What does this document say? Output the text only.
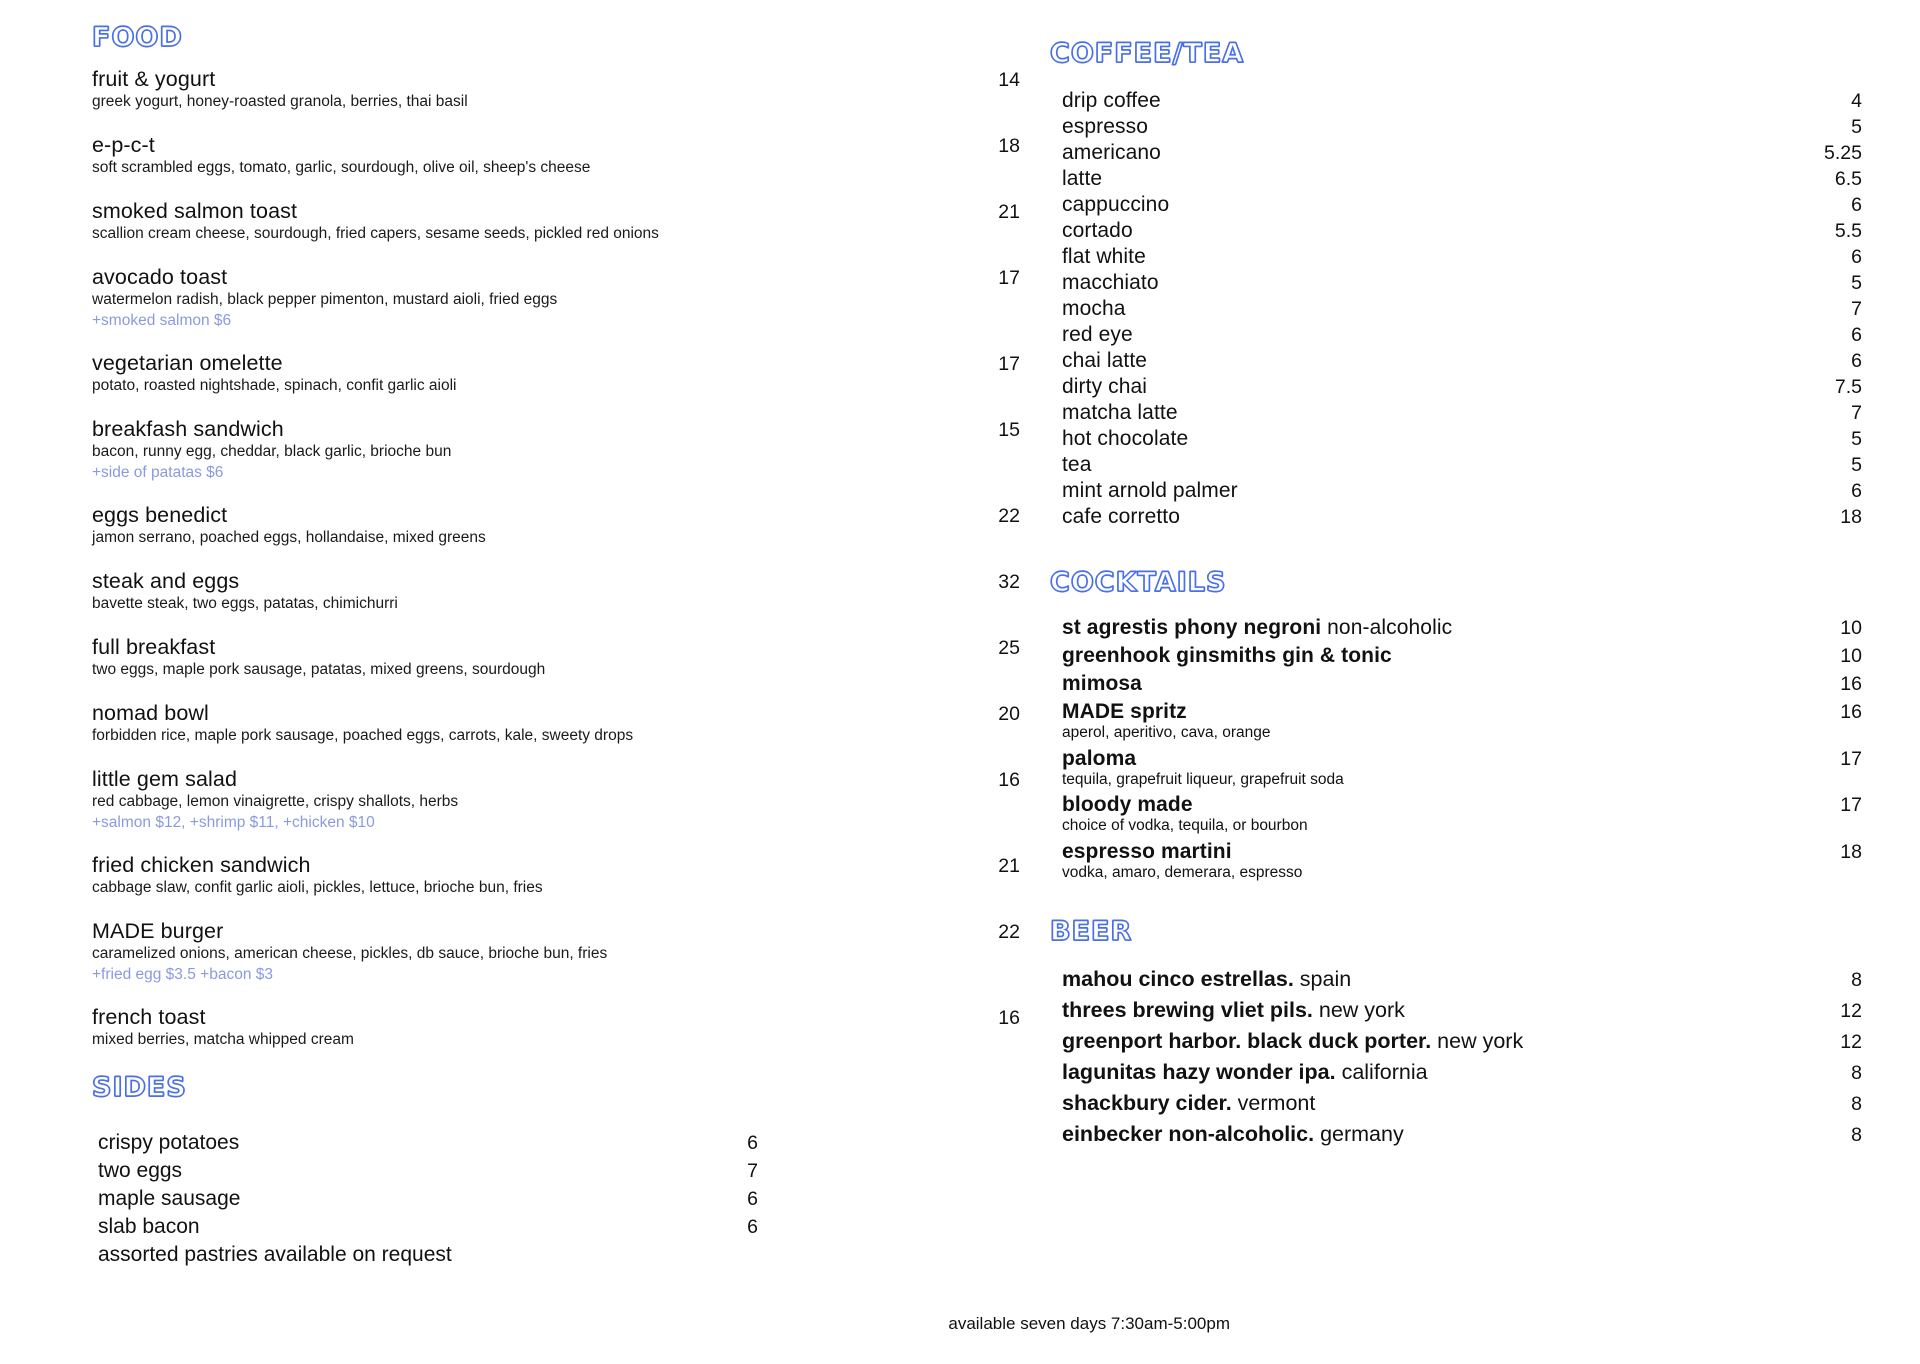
FOOD
fruit & yogurt	14
greek yogurt, honey-roasted granola, berries, thai basil
e-p-c-t	18
soft scrambled eggs, tomato, garlic, sourdough, olive oil, sheep's cheese
smoked salmon toast	21
scallion cream cheese, sourdough, fried capers, sesame seeds, pickled red onions
avocado toast	17
watermelon radish, black pepper pimenton, mustard aioli, fried eggs
+smoked salmon $6
vegetarian omelette	17
potato, roasted nightshade, spinach, confit garlic aioli
breakfash sandwich	15
bacon, runny egg, cheddar, black garlic, brioche bun
+side of patatas $6
eggs benedict	22
jamon serrano, poached eggs, hollandaise, mixed greens
steak and eggs	32
bavette steak, two eggs, patatas, chimichurri
full breakfast	25
two eggs, maple pork sausage, patatas, mixed greens, sourdough
nomad bowl	20
forbidden rice, maple pork sausage, poached eggs, carrots, kale, sweety drops
little gem salad	16
red cabbage, lemon vinaigrette, crispy shallots, herbs
+salmon $12, +shrimp $11, +chicken $10
fried chicken sandwich	21
cabbage slaw, confit garlic aioli, pickles, lettuce, brioche bun, fries
MADE burger	22
caramelized onions, american cheese, pickles, db sauce, brioche bun, fries
+fried egg $3.5 +bacon $3
french toast	16
mixed berries, matcha whipped cream
SIDES
crispy potatoes	6
two eggs	7
maple sausage	6
slab bacon	6
assorted pastries available on request
COFFEE/TEA
drip coffee	4
espresso	5
americano	5.25
latte	6.5
cappuccino	6
cortado	5.5
flat white	6
macchiato	5
mocha	7
red eye	6
chai latte	6
dirty chai	7.5
matcha latte	7
hot chocolate	5
tea	5
mint arnold palmer	6
cafe corretto	18
COCKTAILS
st agrestis phony negroni non-alcoholic	10
greenhook ginsmiths gin & tonic	10
mimosa	16
MADE spritz	16
aperol, aperitivo, cava, orange
paloma	17
tequila, grapefruit liqueur, grapefruit soda
bloody made	17
choice of vodka, tequila, or bourbon
espresso martini	18
vodka, amaro, demerara, espresso
BEER
mahou cinco estrellas. spain	8
threes brewing vliet pils. new york	12
greenport harbor. black duck porter. new york	12
lagunitas hazy wonder ipa. california	8
shackbury cider. vermont	8
einbecker non-alcoholic. germany	8
available seven days 7:30am-5:00pm
